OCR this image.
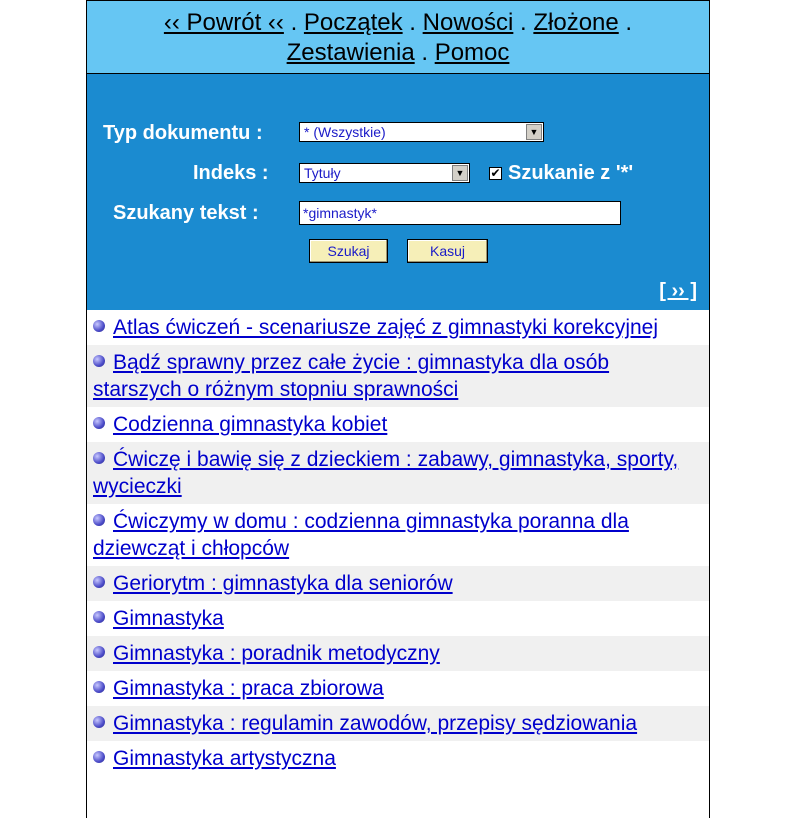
‹‹ Powrót ‹‹ . Początek . Nowości . Złożone .
Zestawienia . Pomoc
Typ dokumentu :	* (Wszystkie)	▼
Indeks :	Tytuły	▼ ✔ Szukanie z '*'
Szukany tekst :	*gimnastyk*
Szukaj	Kasuj
[ ›› ]
Atlas ćwiczeń - scenariusze zajęć z gimnastyki korekcyjnej
Bądź sprawny przez całe życie : gimnastyka dla osób starszych o różnym stopniu sprawności
Codzienna gimnastyka kobiet
Ćwiczę i bawię się z dzieckiem : zabawy, gimnastyka, sporty, wycieczki
Ćwiczymy w domu : codzienna gimnastyka poranna dla dziewcząt i chłopców
Geriorytm : gimnastyka dla seniorów
Gimnastyka
Gimnastyka : poradnik metodyczny
Gimnastyka : praca zbiorowa
Gimnastyka : regulamin zawodów, przepisy sędziowania
Gimnastyka artystyczna
